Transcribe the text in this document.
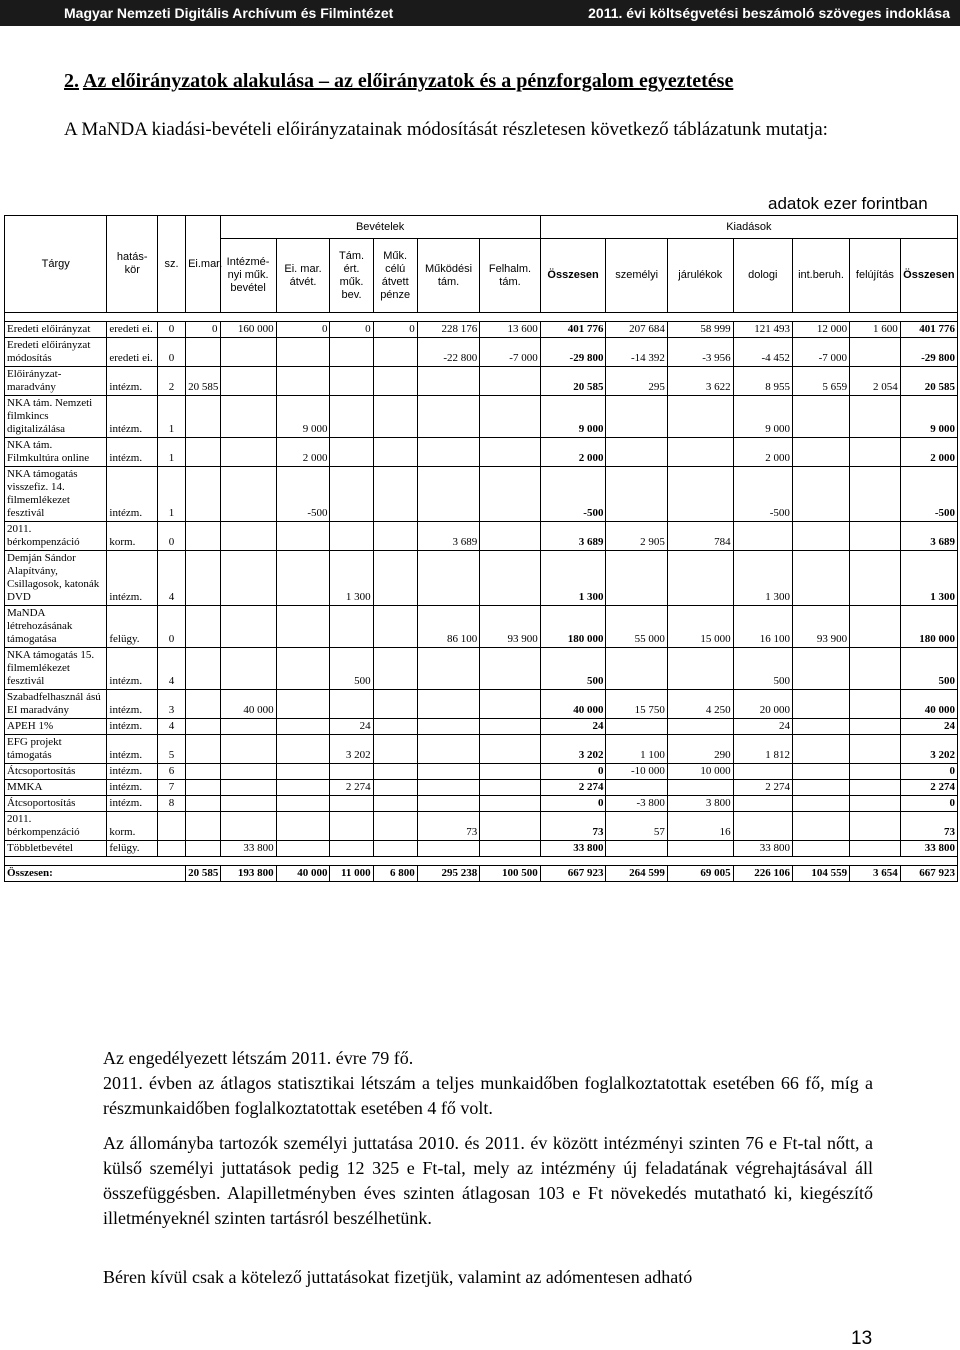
Magyar Nemzeti Digitális Archívum és Filmintézet	2011. évi költségvetési beszámoló szöveges indoklása
2. Az előirányzatok alakulása – az előirányzatok és a pénzforgalom egyeztetése
A MaNDA kiadási-bevételi előirányzatainak módosítását részletesen következő táblázatunk mutatja:
adatok ezer forintban
Tárgy	hatás-kör	sz.	Ei.mar.	Bevételek						Kiadások						
				Intézmé-nyi műk. bevétel	Ei. mar. átvét.	Tám. ért. műk. bev.	Műk. célú átvett pénze	Működési tám.	Felhalm. tám.	Összesen	személyi	járulékok	dologi	int.beruh.	felújítás	Összesen

Eredeti előirányzat	eredeti ei.	0	0	160 000	0	0	0	228 176	13 600	401 776	207 684	58 999	121 493	12 000	1 600	401 776
Eredeti előirányzat módosítás	eredeti ei.	0						-22 800	-7 000	-29 800	-14 392	-3 956	-4 452	-7 000		-29 800
Előirányzat-maradvány	intézm.	2	20 585							20 585	295	3 622	8 955	5 659	2 054	20 585
NKA tám. Nemzeti filmkincs digitalizálása	intézm.	1			9 000					9 000			9 000			9 000
NKA tám. Filmkultúra online	intézm.	1			2 000					2 000			2 000			2 000
NKA támogatás visszefiz. 14. filmemlékezet fesztivál	intézm.	1			-500					-500			-500			-500
2011. bérkompenzáció	korm.	0						3 689		3 689	2 905	784				3 689
Demján Sándor Alapítvány, Csillagosok, katonák DVD	intézm.	4				1 300				1 300			1 300			1 300
MaNDA létrehozásának támogatása	felügy.	0						86 100	93 900	180 000	55 000	15 000	16 100	93 900		180 000
NKA támogatás 15. filmemlékezet fesztivál	intézm.	4				500				500			500			500
Szabadfelhasznál ású EI maradvány	intézm.	3		40 000						40 000	15 750	4 250	20 000			40 000
APEH 1%	intézm.	4				24				24			24			24
EFG projekt támogatás	intézm.	5				3 202				3 202	1 100	290	1 812			3 202
Átcsoportosítás	intézm.	6								0	-10 000	10 000				0
MMKA	intézm.	7				2 274				2 274			2 274			2 274
Átcsoportosítás	intézm.	8								0	-3 800	3 800				0
2011. bérkompenzáció	korm.							73		73	57	16				73
Többletbevétel	felügy.			33 800						33 800			33 800			33 800

Összesen:			20 585	193 800	40 000	11 000	6 800	295 238	100 500	667 923	264 599	69 005	226 106	104 559	3 654	667 923
Az engedélyezett létszám 2011. évre 79 fő.
2011. évben az átlagos statisztikai létszám a teljes munkaidőben foglalkoztatottak esetében 66 fő, míg a részmunkaidőben foglalkoztatottak esetében 4 fő volt.
Az állományba tartozók személyi juttatása 2010. és 2011. év között intézményi szinten 76 e Ft-tal nőtt, a külső személyi juttatások pedig 12 325 e Ft-tal, mely az intézmény új feladatának végrehajtásával áll összefüggésben. Alapilletményben éves szinten átlagosan 103 e Ft növekedés mutatható ki, kiegészítő illetményeknél szinten tartásról beszélhetünk.
Béren kívül csak a kötelező juttatásokat fizetjük, valamint az adómentesen adható
13
